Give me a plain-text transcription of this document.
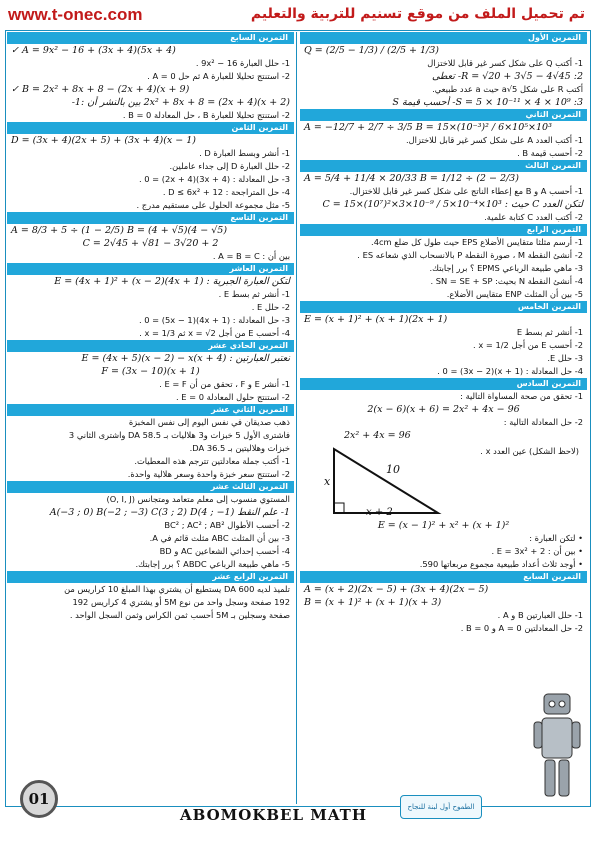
www.t-onec.com	تم تحميل الملف من موقع تسنيم للتربية والتعليم
التمرين السابع
✓ A = 9x² − 16 + (3x + 4)(5x + 4)
1- حلل العبارة 9x² − 16 .
2- استنتج تحليلا للعبارة A ثم حل A = 0 .
✓ B = 2x² + 8x + 8 − (2x + 4)(x + 9)
(x + 2)(2x + 4) = 2x² + 8x + 8 بين بالنشر أن :1-
2- استنتج تحليلا للعبارة B ، حل المعادلة B = 0 .
التمرين الثامن
D = (3x + 4)(2x + 5) + (3x + 4)(x − 1)
1- أنشر وبسط العبارة D .
2- حلل العبارة D إلى جداء عاملين.
3- حل المعادلة : (3x + 4)(2x + 4) = 0 .
4- حل المتراجحة : D ≤ 6x² + 12 .
5- مثل مجموعة الحلول على مستقيم مدرج .
التمرين التاسع
A = 8/3 + 5 ÷ (1 − 2/5) B = (4 + √5)(4 − √5)
C = 2√45 + √81 − 3√20 + 2
بين أن : A = B = C .
التمرين العاشر
لتكن العبارة الجبرية : E = (4x + 1)² + (x − 2)(4x + 1)
1- أنشر ثم بسط E .
2- حلل E .
3- حل المعادلة : (4x + 1)(5x − 1) = 0 .
4- أحسب E من أجل x = √2 ثم x = 1/3 .
التمرين الحادي عشر
نعتبر العبارتين : E = (4x + 5)(x − 2) − x(x + 4)
F = (3x − 10)(x + 1)
1- أنشر E و F ، تحقق من أن E = F .
2- استنتج حلول المعادلة E = 0 .
التمرين الثاني عشر
ذهب صديقان في نفس اليوم إلى نفس المخبزة
فاشترى الأول 5 خبزات و3 هلاليات بـ 58.5 DA واشترى الثاني 3
خبزات وهلاليتين بـ 36.5 DA.
1- أكتب جملة معادلتين تترجم هذه المعطيات.
2- استنتج سعر خبزة واحدة وسعر هلالية واحدة.
التمرين الثالث عشر
المستوي منسوب إلى معلم متعامد ومتجانس (O, I, J)
1- علم النقط A(−3 ; 0) B(−2 ; −3) C(3 ; 2) D(4 ; −1)
2- أحسب الأطوال BC² ; AC² ; AB²
3- بين أن المثلث ABC مثلث قائم في A.
4- أحسب إحداثي الشعاعين AC و BD
5- ماهي طبيعة الرباعي ABDC ؟ برر إجابتك.
التمرين الرابع عشر
تلميذ لديه 600 DA يستطيع أن يشتري بهذا المبلغ 10 كراريس من
192 صفحة وسجل واحد من نوع 5M أو يشتري 4 كراريس 192
صفحة وسجلين بـ 5M أحسب ثمن الكراس وثمن السجل الواحد .
التمرين الأول
Q = (2/5 − 1/3) / (2/5 + 1/3)
1- أكتب Q على شكل كسر غير قابل للاختزال
R = √20 + 3√5 − 4√45 :2- تعطى
أكتب R على شكل a√5 حيث a عدد طبيعي.
S = 5 × 10⁻¹¹ × 4 × 10⁹ :3- أحسب قيمة S
التمرين الثاني
A = −12/7 + 2/7 ÷ 3/5 B = 15×(10⁻³)² / 6×10⁵×10³
1- أكتب العدد A على شكل كسر غير قابل للاختزال.
2- أحسب قيمة B .
التمرين الثالث
A = 5/4 + 11/4 × 20/33 B = 1/12 ÷ (2 − 2/3)
1- أحسب A و B مع إعطاء الناتج على شكل كسر غير قابل للاختزال.
لتكن العدد C حيث : C = 15×(10⁷)²×3×10⁻⁹ / 5×10⁻⁴×10³
2- أكتب العدد C كتابة علمية.
التمرين الرابع
1- أرسم مثلثا متقايس الأضلاع EPS حيث طول كل ضلع 4cm.
2- أنشئ النقطة M ، صورة النقطة P بالانسحاب الذي شعاعه ES .
3- ماهي طبيعة الرباعي EPMS ؟ برر إجابتك.
4- أنشئ النقطة N بحيث: SN = SE + SP .
5- بين أن المثلث ENP متقايس الأضلاع.
التمرين الخامس
E = (x + 1)² + (x + 1)(2x + 1)
1- أنشر ثم بسط E
2- أحسب E من أجل x = 1/2 .
3- حلل E.
4- حل المعادلة : (x + 1)(3x − 2) = 0 .
التمرين السادس
1- تحقق من صحة المساواة التالية :
2(x − 6)(x + 6) = 2x² + 4x − 96
2- حل المعادلة التالية :
2x² + 4x = 96
(لاحظ الشكل) عين العدد x .
x
10
x + 2
E = (x − 1)² + x² + (x + 1)²
• لتكن العبارة :
• بين أن : E = 3x² + 2 .
• أوجد ثلاث أعداد طبيعية مجموع مربعاتها 590.
التمرين السابع
A = (x + 2)(2x − 5) + (3x + 4)(2x − 5)
B = (x + 1)² + (x + 1)(x + 3)
1- حلل العبارتين B و A .
2- حل المعادلتين A = 0 و B = 0 .
01
ABOMOKBEL MATH	الطموح أول لبنة للنجاح
